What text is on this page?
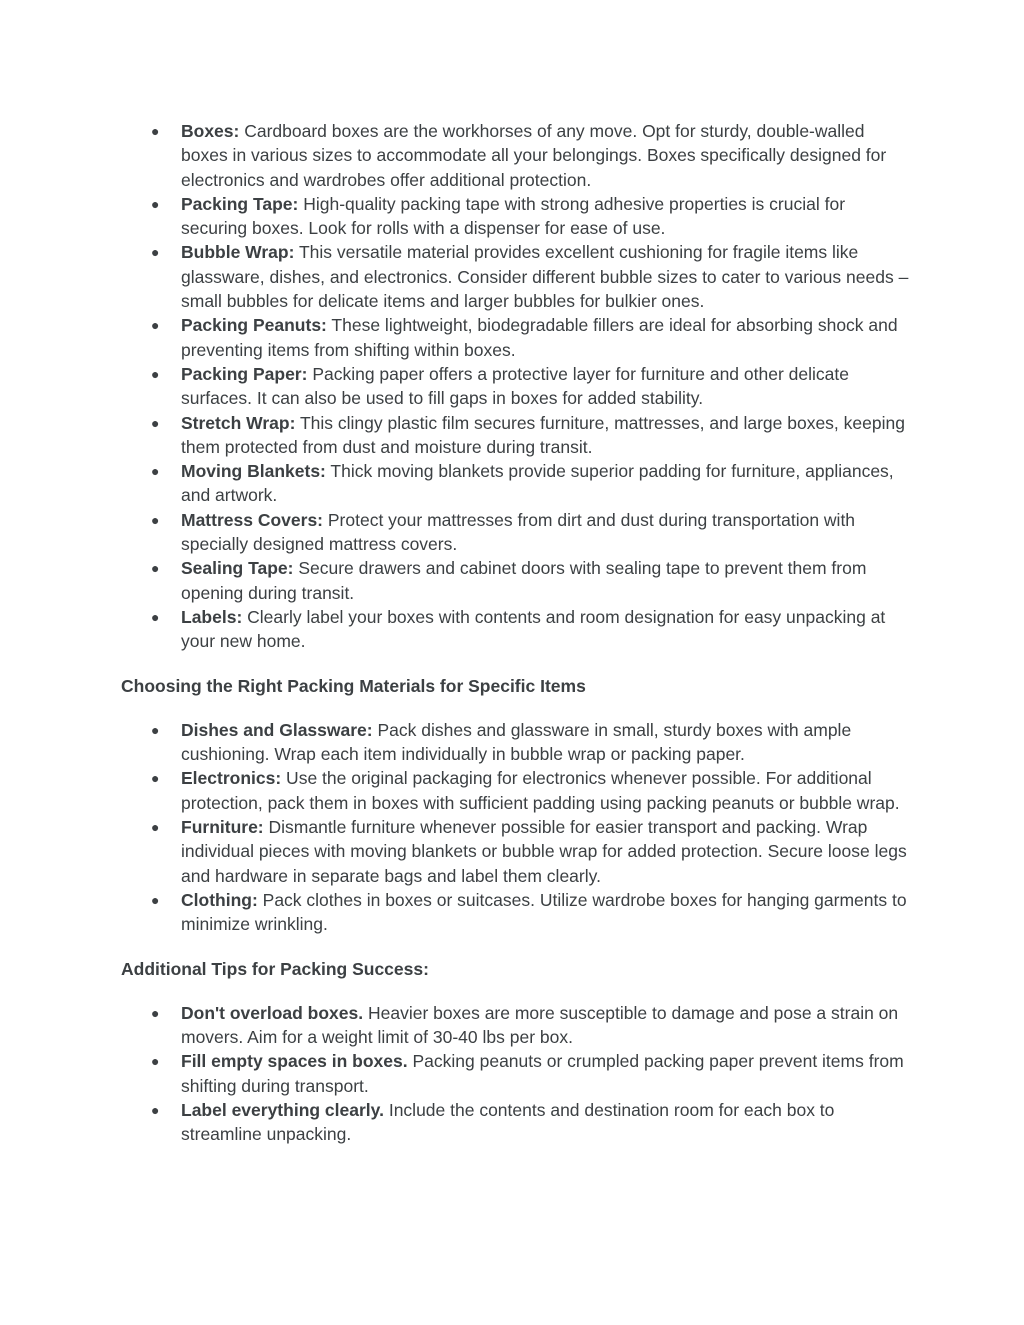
● Boxes: Cardboard boxes are the workhorses of any move. Opt for sturdy, double-walled boxes in various sizes to accommodate all your belongings. Boxes specifically designed for electronics and wardrobes offer additional protection.
● Packing Tape: High-quality packing tape with strong adhesive properties is crucial for securing boxes. Look for rolls with a dispenser for ease of use.
● Bubble Wrap: This versatile material provides excellent cushioning for fragile items like glassware, dishes, and electronics. Consider different bubble sizes to cater to various needs – small bubbles for delicate items and larger bubbles for bulkier ones.
● Packing Peanuts: These lightweight, biodegradable fillers are ideal for absorbing shock and preventing items from shifting within boxes.
● Packing Paper: Packing paper offers a protective layer for furniture and other delicate surfaces. It can also be used to fill gaps in boxes for added stability.
● Stretch Wrap: This clingy plastic film secures furniture, mattresses, and large boxes, keeping them protected from dust and moisture during transit.
● Moving Blankets: Thick moving blankets provide superior padding for furniture, appliances, and artwork.
● Mattress Covers: Protect your mattresses from dirt and dust during transportation with specially designed mattress covers.
● Sealing Tape: Secure drawers and cabinet doors with sealing tape to prevent them from opening during transit.
● Labels: Clearly label your boxes with contents and room designation for easy unpacking at your new home.
Choosing the Right Packing Materials for Specific Items
● Dishes and Glassware: Pack dishes and glassware in small, sturdy boxes with ample cushioning. Wrap each item individually in bubble wrap or packing paper.
● Electronics: Use the original packaging for electronics whenever possible. For additional protection, pack them in boxes with sufficient padding using packing peanuts or bubble wrap.
● Furniture: Dismantle furniture whenever possible for easier transport and packing. Wrap individual pieces with moving blankets or bubble wrap for added protection. Secure loose legs and hardware in separate bags and label them clearly.
● Clothing: Pack clothes in boxes or suitcases. Utilize wardrobe boxes for hanging garments to minimize wrinkling.
Additional Tips for Packing Success:
● Don't overload boxes. Heavier boxes are more susceptible to damage and pose a strain on movers. Aim for a weight limit of 30-40 lbs per box.
● Fill empty spaces in boxes. Packing peanuts or crumpled packing paper prevent items from shifting during transport.
● Label everything clearly. Include the contents and destination room for each box to streamline unpacking.
